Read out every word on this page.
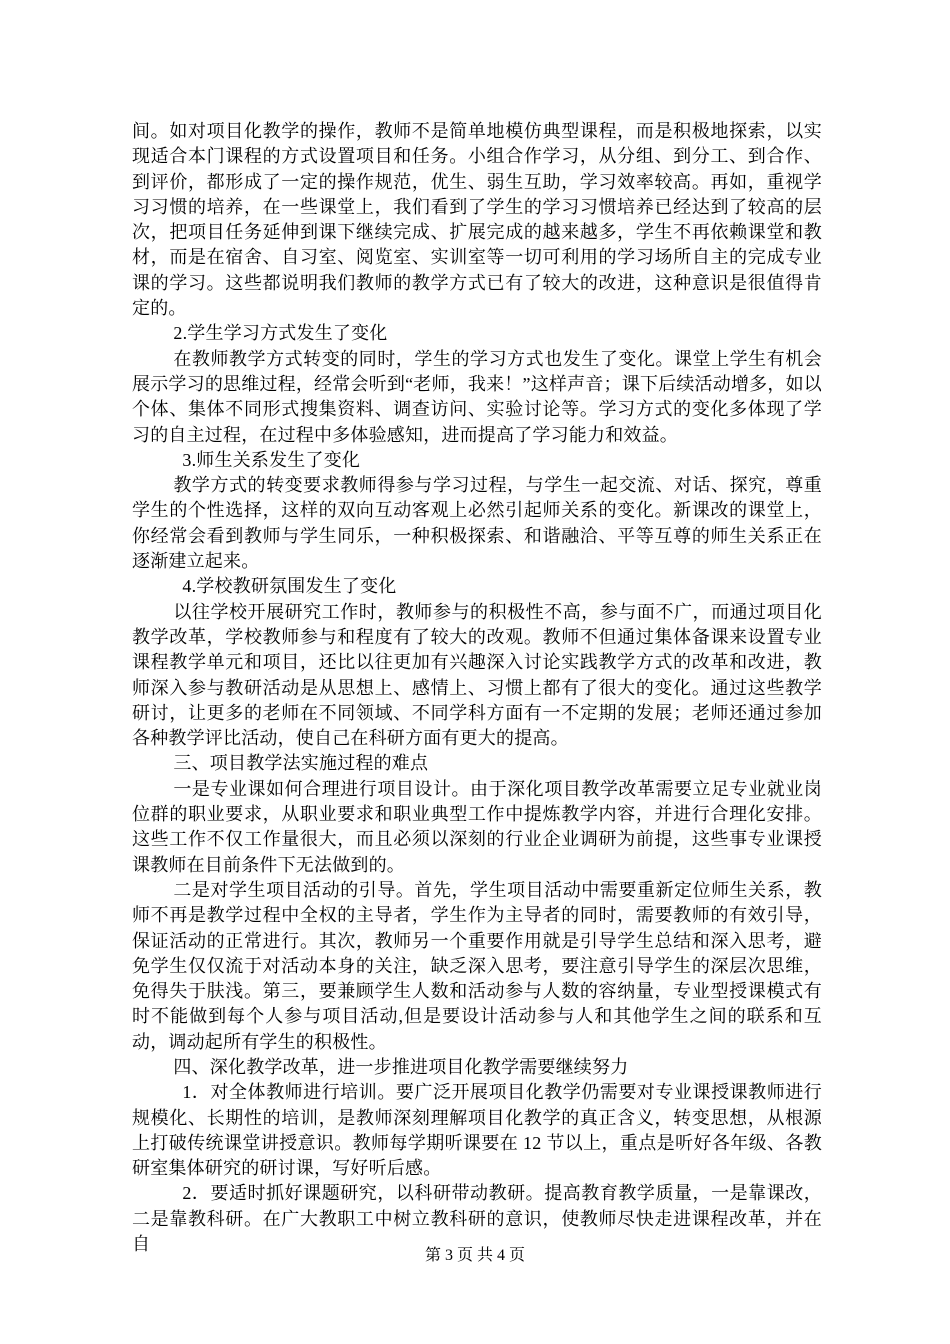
间。如对项目化教学的操作，教师不是简单地模仿典型课程，而是积极地探索，以实现适合本门课程的方式设置项目和任务。小组合作学习，从分组、到分工、到合作、到评价，都形成了一定的操作规范，优生、弱生互助，学习效率较高。再如，重视学习习惯的培养，在一些课堂上，我们看到了学生的学习习惯培养已经达到了较高的层次，把项目任务延伸到课下继续完成、扩展完成的越来越多，学生不再依赖课堂和教材，而是在宿舍、自习室、阅览室、实训室等一切可利用的学习场所自主的完成专业课的学习。这些都说明我们教师的教学方式已有了较大的改进，这种意识是很值得肯定的。

2.学生学习方式发生了变化

在教师教学方式转变的同时，学生的学习方式也发生了变化。课堂上学生有机会展示学习的思维过程，经常会听到“老师，我来！”这样声音；课下后续活动增多，如以个体、集体不同形式搜集资料、调查访问、实验讨论等。学习方式的变化多体现了学习的自主过程，在过程中多体验感知，进而提高了学习能力和效益。

3.师生关系发生了变化

教学方式的转变要求教师得参与学习过程，与学生一起交流、对话、探究，尊重学生的个性选择，这样的双向互动客观上必然引起师关系的变化。新课改的课堂上，你经常会看到教师与学生同乐，一种积极探索、和谐融洽、平等互尊的师生关系正在逐渐建立起来。

4.学校教研氛围发生了变化

以往学校开展研究工作时，教师参与的积极性不高，参与面不广，而通过项目化教学改革，学校教师参与和程度有了较大的改观。教师不但通过集体备课来设置专业课程教学单元和项目，还比以往更加有兴趣深入讨论实践教学方式的改革和改进，教师深入参与教研活动是从思想上、感情上、习惯上都有了很大的变化。通过这些教学研讨，让更多的老师在不同领域、不同学科方面有一不定期的发展；老师还通过参加各种教学评比活动，使自己在科研方面有更大的提高。

三、项目教学法实施过程的难点

一是专业课如何合理进行项目设计。由于深化项目教学改革需要立足专业就业岗位群的职业要求，从职业要求和职业典型工作中提炼教学内容，并进行合理化安排。这些工作不仅工作量很大，而且必须以深刻的行业企业调研为前提，这些事专业课授课教师在目前条件下无法做到的。

二是对学生项目活动的引导。首先，学生项目活动中需要重新定位师生关系，教师不再是教学过程中全权的主导者，学生作为主导者的同时，需要教师的有效引导，保证活动的正常进行。其次，教师另一个重要作用就是引导学生总结和深入思考，避免学生仅仅流于对活动本身的关注，缺乏深入思考，要注意引导学生的深层次思维，免得失于肤浅。第三，要兼顾学生人数和活动参与人数的容纳量，专业型授课模式有时不能做到每个人参与项目活动,但是要设计活动参与人和其他学生之间的联系和互动，调动起所有学生的积极性。

四、深化教学改革，进一步推进项目化教学需要继续努力

1．对全体教师进行培训。要广泛开展项目化教学仍需要对专业课授课教师进行规模化、长期性的培训，是教师深刻理解项目化教学的真正含义，转变思想，从根源上打破传统课堂讲授意识。教师每学期听课要在 12 节以上，重点是听好各年级、各教研室集体研究的研讨课，写好听后感。

2．要适时抓好课题研究，以科研带动教研。提高教育教学质量，一是靠课改，二是靠教科研。在广大教职工中树立教科研的意识，使教师尽快走进课程改革，并在自

第 3 页 共 4 页
